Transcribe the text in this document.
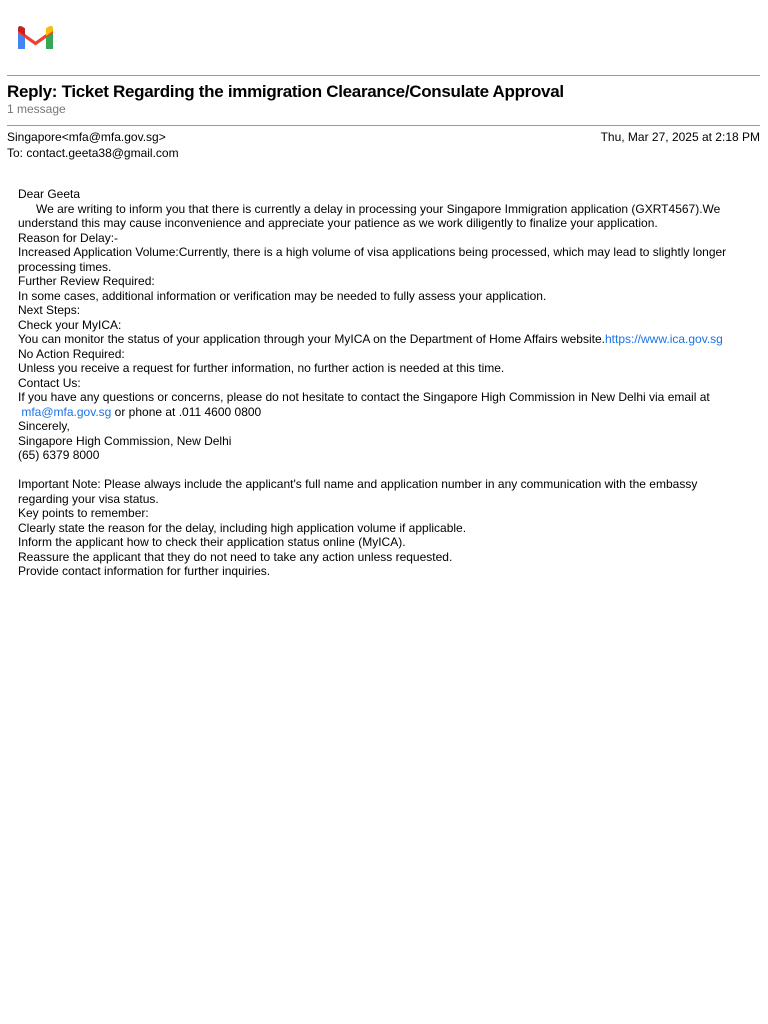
Reply: Ticket Regarding the immigration Clearance/Consulate Approval
1 message
Singapore<mfa@mfa.gov.sg>	Thu, Mar 27, 2025 at 2:18 PM
To: contact.geeta38@gmail.com
Dear Geeta
We are writing to inform you that there is currently a delay in processing your Singapore Immigration application (GXRT4567).We
understand this may cause inconvenience and appreciate your patience as we work diligently to finalize your application.
Reason for Delay:-
Increased Application Volume:Currently, there is a high volume of visa applications being processed, which may lead to slightly longer
processing times.
Further Review Required:
In some cases, additional information or verification may be needed to fully assess your application.
Next Steps:
Check your MyICA:
You can monitor the status of your application through your MyICA on the Department of Home Affairs website.https://www.ica.gov.sg
No Action Required:
Unless you receive a request for further information, no further action is needed at this time.
Contact Us:
If you have any questions or concerns, please do not hesitate to contact the Singapore High Commission in New Delhi via email at
mfa@mfa.gov.sg or phone at .011 4600 0800
Sincerely,
Singapore High Commission, New Delhi
(65) 6379 8000
Important Note: Please always include the applicant's full name and application number in any communication with the embassy
regarding your visa status.
Key points to remember:
Clearly state the reason for the delay, including high application volume if applicable.
Inform the applicant how to check their application status online (MyICA).
Reassure the applicant that they do not need to take any action unless requested.
Provide contact information for further inquiries.
